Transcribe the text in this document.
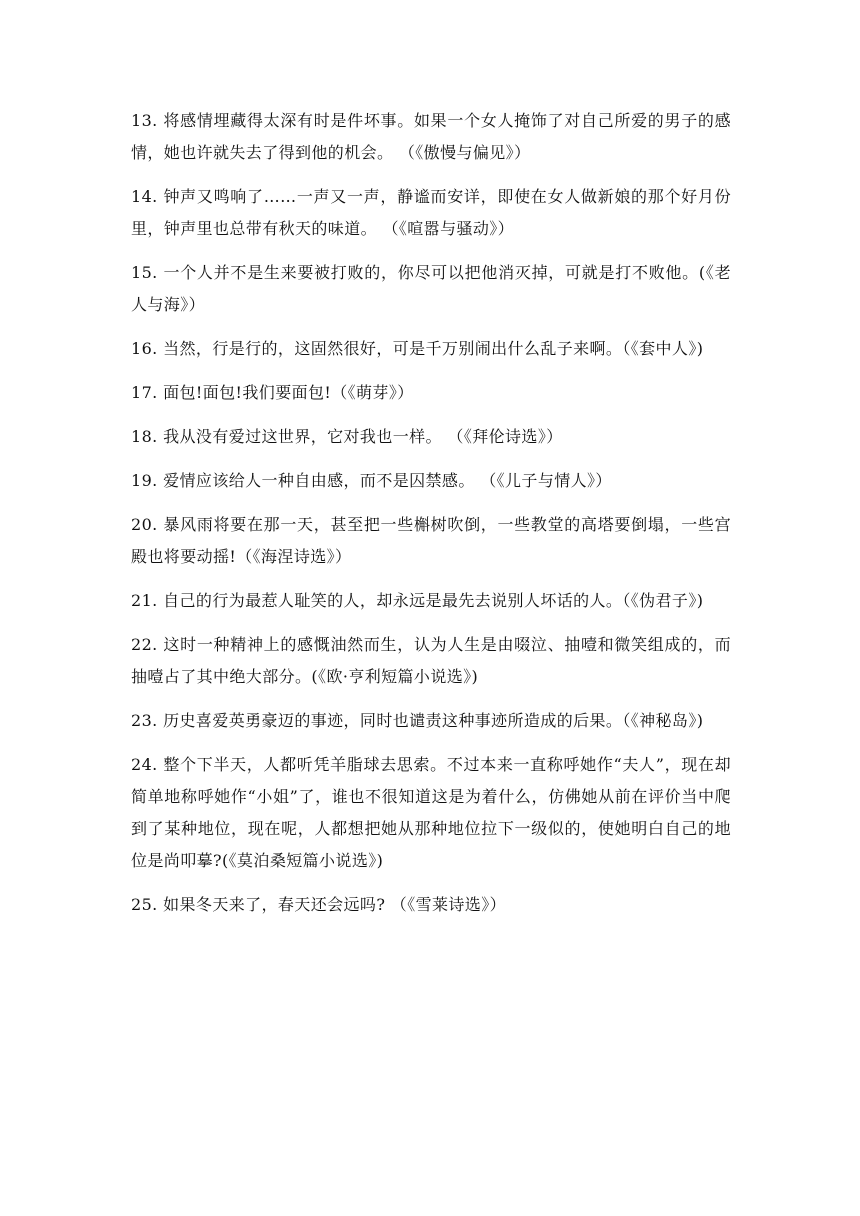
13. 将感情埋藏得太深有时是件坏事。如果一个女人掩饰了对自己所爱的男子的感情，她也许就失去了得到他的机会。 （《傲慢与偏见》）

14. 钟声又鸣响了……一声又一声，静谧而安详，即使在女人做新娘的那个好月份里，钟声里也总带有秋天的味道。 （《喧嚣与骚动》）

15. 一个人并不是生来要被打败的，你尽可以把他消灭掉，可就是打不败他。(《老人与海》）

16. 当然，行是行的，这固然很好，可是千万别闹出什么乱子来啊。（《套中人》)

17. 面包!面包!我们要面包!（《萌芽》）

18. 我从没有爱过这世界，它对我也一样。 （《拜伦诗选》）

19. 爱情应该给人一种自由感，而不是囚禁感。 （《儿子与情人》）

20. 暴风雨将要在那一天，甚至把一些槲树吹倒，一些教堂的高塔要倒塌，一些宫殿也将要动摇!（《海涅诗选》）

21. 自己的行为最惹人耻笑的人，却永远是最先去说别人坏话的人。（《伪君子》)

22. 这时一种精神上的感慨油然而生，认为人生是由啜泣、抽噎和微笑组成的，而抽噎占了其中绝大部分。(《欧·亨利短篇小说选》)

23. 历史喜爱英勇豪迈的事迹，同时也谴责这种事迹所造成的后果。（《神秘岛》)

24. 整个下半天，人都听凭羊脂球去思索。不过本来一直称呼她作“夫人”，现在却简单地称呼她作“小姐”了，谁也不很知道这是为着什么，仿佛她从前在评价当中爬到了某种地位，现在呢，人都想把她从那种地位拉下一级似的，使她明白自己的地位是尚叩摹?(《莫泊桑短篇小说选》)

25. 如果冬天来了，春天还会远吗? （《雪莱诗选》）
